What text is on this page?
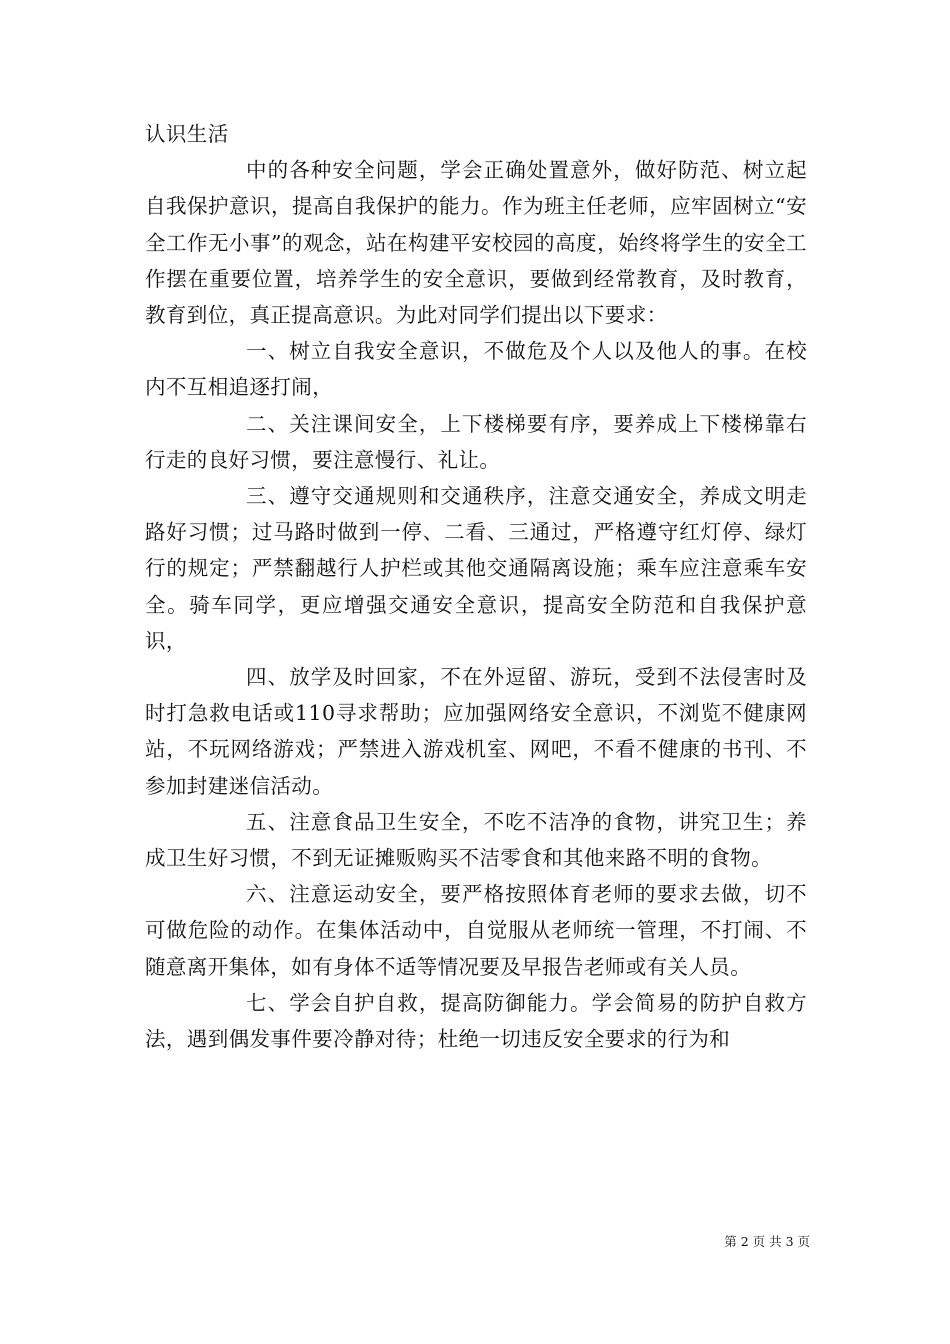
认识生活

中的各种安全问题，学会正确处置意外，做好防范、树立起自我保护意识，提高自我保护的能力。作为班主任老师，应牢固树立“安全工作无小事”的观念，站在构建平安校园的高度，始终将学生的安全工作摆在重要位置，培养学生的安全意识，要做到经常教育，及时教育，教育到位，真正提高意识。为此对同学们提出以下要求：

一、树立自我安全意识，不做危及个人以及他人的事。在校内不互相追逐打闹，

二、关注课间安全，上下楼梯要有序，要养成上下楼梯靠右行走的良好习惯，要注意慢行、礼让。

三、遵守交通规则和交通秩序，注意交通安全，养成文明走路好习惯；过马路时做到一停、二看、三通过，严格遵守红灯停、绿灯行的规定；严禁翻越行人护栏或其他交通隔离设施；乘车应注意乘车安全。骑车同学，更应增强交通安全意识，提高安全防范和自我保护意识，

四、放学及时回家，不在外逗留、游玩，受到不法侵害时及时打急救电话或110寻求帮助；应加强网络安全意识，不浏览不健康网站，不玩网络游戏；严禁进入游戏机室、网吧，不看不健康的书刊、不参加封建迷信活动。

五、注意食品卫生安全，不吃不洁净的食物，讲究卫生；养成卫生好习惯，不到无证摊贩购买不洁零食和其他来路不明的食物。

六、注意运动安全，要严格按照体育老师的要求去做，切不可做危险的动作。在集体活动中，自觉服从老师统一管理，不打闹、不随意离开集体，如有身体不适等情况要及早报告老师或有关人员。

七、学会自护自救，提高防御能力。学会简易的防护自救方法，遇到偶发事件要冷静对待；杜绝一切违反安全要求的行为和

第 2 页 共 3 页
